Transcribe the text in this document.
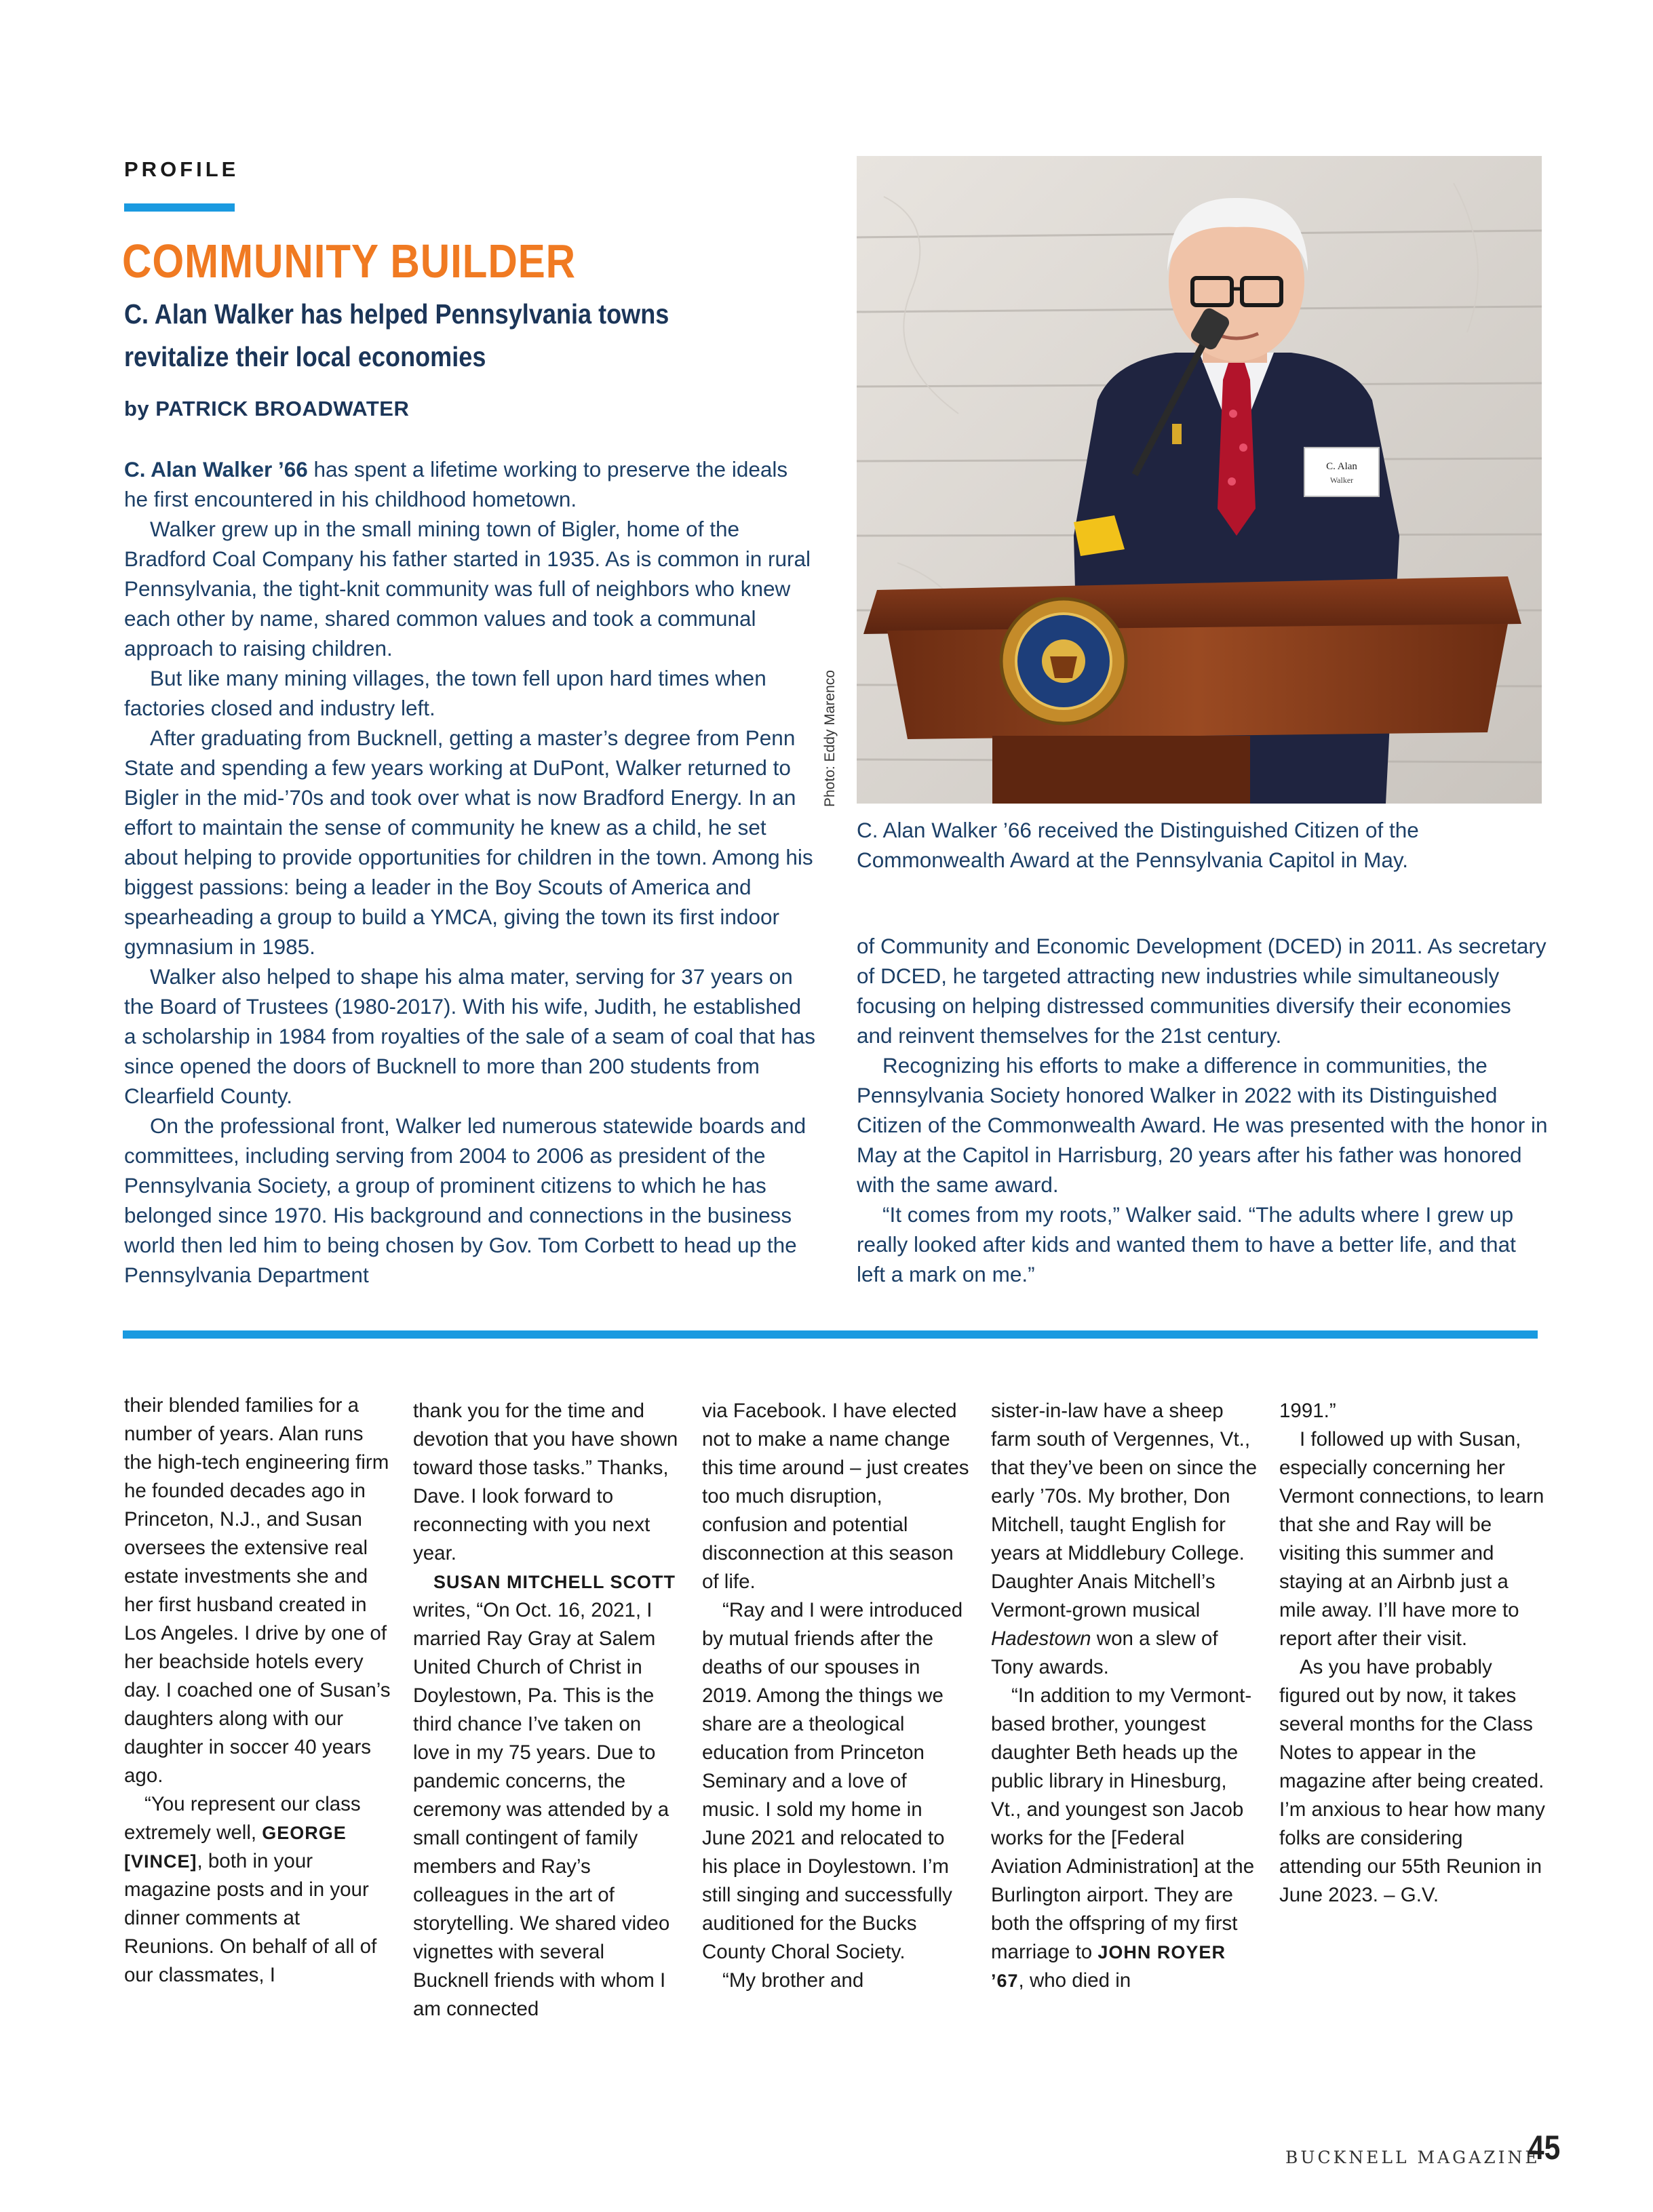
PROFILE
COMMUNITY BUILDER
C. Alan Walker has helped Pennsylvania towns
revitalize their local economies
by PATRICK BROADWATER

C. Alan Walker ’66 has spent a lifetime working to preserve the ideals he first encountered in his childhood hometown.

Walker grew up in the small mining town of Bigler, home of the Bradford Coal Company his father started in 1935. As is common in rural Pennsylvania, the tight-knit community was full of neighbors who knew each other by name, shared common values and took a communal approach to raising children.

But like many mining villages, the town fell upon hard times when factories closed and industry left.

After graduating from Bucknell, getting a master’s degree from Penn State and spending a few years working at DuPont, Walker returned to Bigler in the mid-’70s and took over what is now Bradford Energy. In an effort to maintain the sense of community he knew as a child, he set about helping to provide opportunities for children in the town. Among his biggest passions: being a leader in the Boy Scouts of America and spearheading a group to build a YMCA, giving the town its first indoor gymnasium in 1985.

Walker also helped to shape his alma mater, serving for 37 years on the Board of Trustees (1980-2017). With his wife, Judith, he established a scholarship in 1984 from royalties of the sale of a seam of coal that has since opened the doors of Bucknell to more than 200 students from Clearfield County.

On the professional front, Walker led numerous statewide boards and committees, including serving from 2004 to 2006 as president of the Pennsylvania Society, a group of prominent citizens to which he has belonged since 1970. His background and connections in the business world then led him to being chosen by Gov. Tom Corbett to head up the Pennsylvania Department

C. Alan
Walker
Photo: Eddy Marenco
C. Alan Walker ’66 received the Distinguished Citizen of the Commonwealth Award at the Pennsylvania Capitol in May.

of Community and Economic Development (DCED) in 2011. As secretary of DCED, he targeted attracting new industries while simultaneously focusing on helping distressed communities diversify their economies and reinvent themselves for the 21st century.

Recognizing his efforts to make a difference in communities, the Pennsylvania Society honored Walker in 2022 with its Distinguished Citizen of the Commonwealth Award. He was presented with the honor in May at the Capitol in Harrisburg, 20 years after his father was honored with the same award.

“It comes from my roots,” Walker said. “The adults where I grew up really looked after kids and wanted them to have a better life, and that left a mark on me.”

their blended families for a number of years. Alan runs the high-tech engineering firm he founded decades ago in Princeton, N.J., and Susan oversees the extensive real estate investments she and her first husband created in Los Angeles. I drive by one of her beachside hotels every day. I coached one of Susan’s daughters along with our daughter in soccer 40 years ago.

“You represent our class extremely well, GEORGE [VINCE], both in your magazine posts and in your dinner comments at Reunions. On behalf of all of our classmates, I

thank you for the time and devotion that you have shown toward those tasks.” Thanks, Dave. I look forward to reconnecting with you next year.

SUSAN MITCHELL SCOTT writes, “On Oct. 16, 2021, I married Ray Gray at Salem United Church of Christ in Doylestown, Pa. This is the third chance I’ve taken on love in my 75 years. Due to pandemic concerns, the ceremony was attended by a small contingent of family members and Ray’s colleagues in the art of storytelling. We shared video vignettes with several Bucknell friends with whom I am connected

via Facebook. I have elected not to make a name change this time around – just creates too much disruption, confusion and potential disconnection at this season of life.

“Ray and I were introduced by mutual friends after the deaths of our spouses in 2019. Among the things we share are a theological education from Princeton Seminary and a love of music. I sold my home in June 2021 and relocated to his place in Doylestown. I’m still singing and successfully auditioned for the Bucks County Choral Society.

“My brother and

sister-in-law have a sheep farm south of Vergennes, Vt., that they’ve been on since the early ’70s. My brother, Don Mitchell, taught English for years at Middlebury College. Daughter Anais Mitchell’s Vermont-grown musical Hadestown won a slew of Tony awards.

“In addition to my Vermont-based brother, youngest daughter Beth heads up the public library in Hinesburg, Vt., and youngest son Jacob works for the [Federal Aviation Administration] at the Burlington airport. They are both the offspring of my first marriage to JOHN ROYER ’67, who died in

1991.”

I followed up with Susan, especially concerning her Vermont connections, to learn that she and Ray will be visiting this summer and staying at an Airbnb just a mile away. I’ll have more to report after their visit.

As you have probably figured out by now, it takes several months for the Class Notes to appear in the magazine after being created. I’m anxious to hear how many folks are considering attending our 55th Reunion in June 2023. – G.V.

BUCKNELL MAGAZINE
45
